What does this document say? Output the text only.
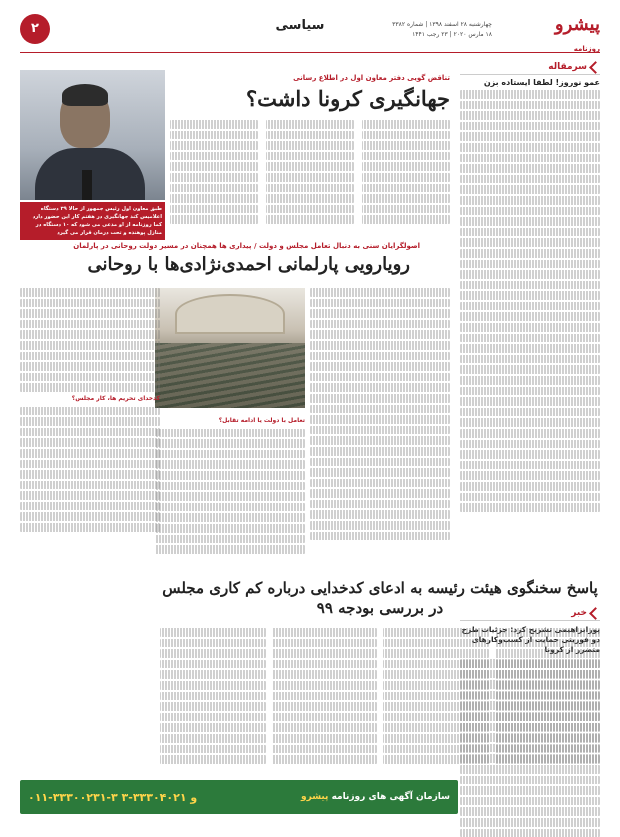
پیشرو
روزنامه
چهارشنبه ۲۸ اسفند ۱۳۹۸ | شماره ۳۳۸۲
۱۸ مارس ۲۰۲۰ | ۲۳ رجب ۱۴۴۱
سیاسی
۲
سرمقاله
عمو نوروز! لطفا ایستاده بزن
خبر
پورابراهیمی تشریح کرد: جزئیات طرح دو فوریتی حمایت از کسب‌وکارهای متضرر از کرونا
تناقض گویی دفتر معاون اول در اطلاع رسانی
جهانگیری کرونا داشت؟
طبق معاون اول رئیس جمهور از حالا ۳۹ دستگاه اعلامیس کند جهانگیری در هفتم کار این حضور دارد کما روزنامه از او مدعی می شود که ۱۰ دستگاه در منازل پوهنده و تحت درمان قرار می گیرد
اصولگرایان سنی به دنبال تعامل مجلس و دولت / پیداری ها همچنان در مسیر دولت روحانی در پارلمان
رویارویی پارلمانی احمدی‌نژادی‌ها با روحانی
تعامل با دولت یا ادامه تقابل؟
کدخدای تحریم ها، کار مجلس؟
پاسخ سخنگوی هیئت رئیسه به ادعای کدخدایی درباره کم کاری مجلس در بررسی بودجه ۹۹
سازمان آگهی های روزنامه پیشرو
۰۱۱-۳۳۳۰۰۲۳۱-۳ و ۳۳۳۰۴۰۲۱-۳
